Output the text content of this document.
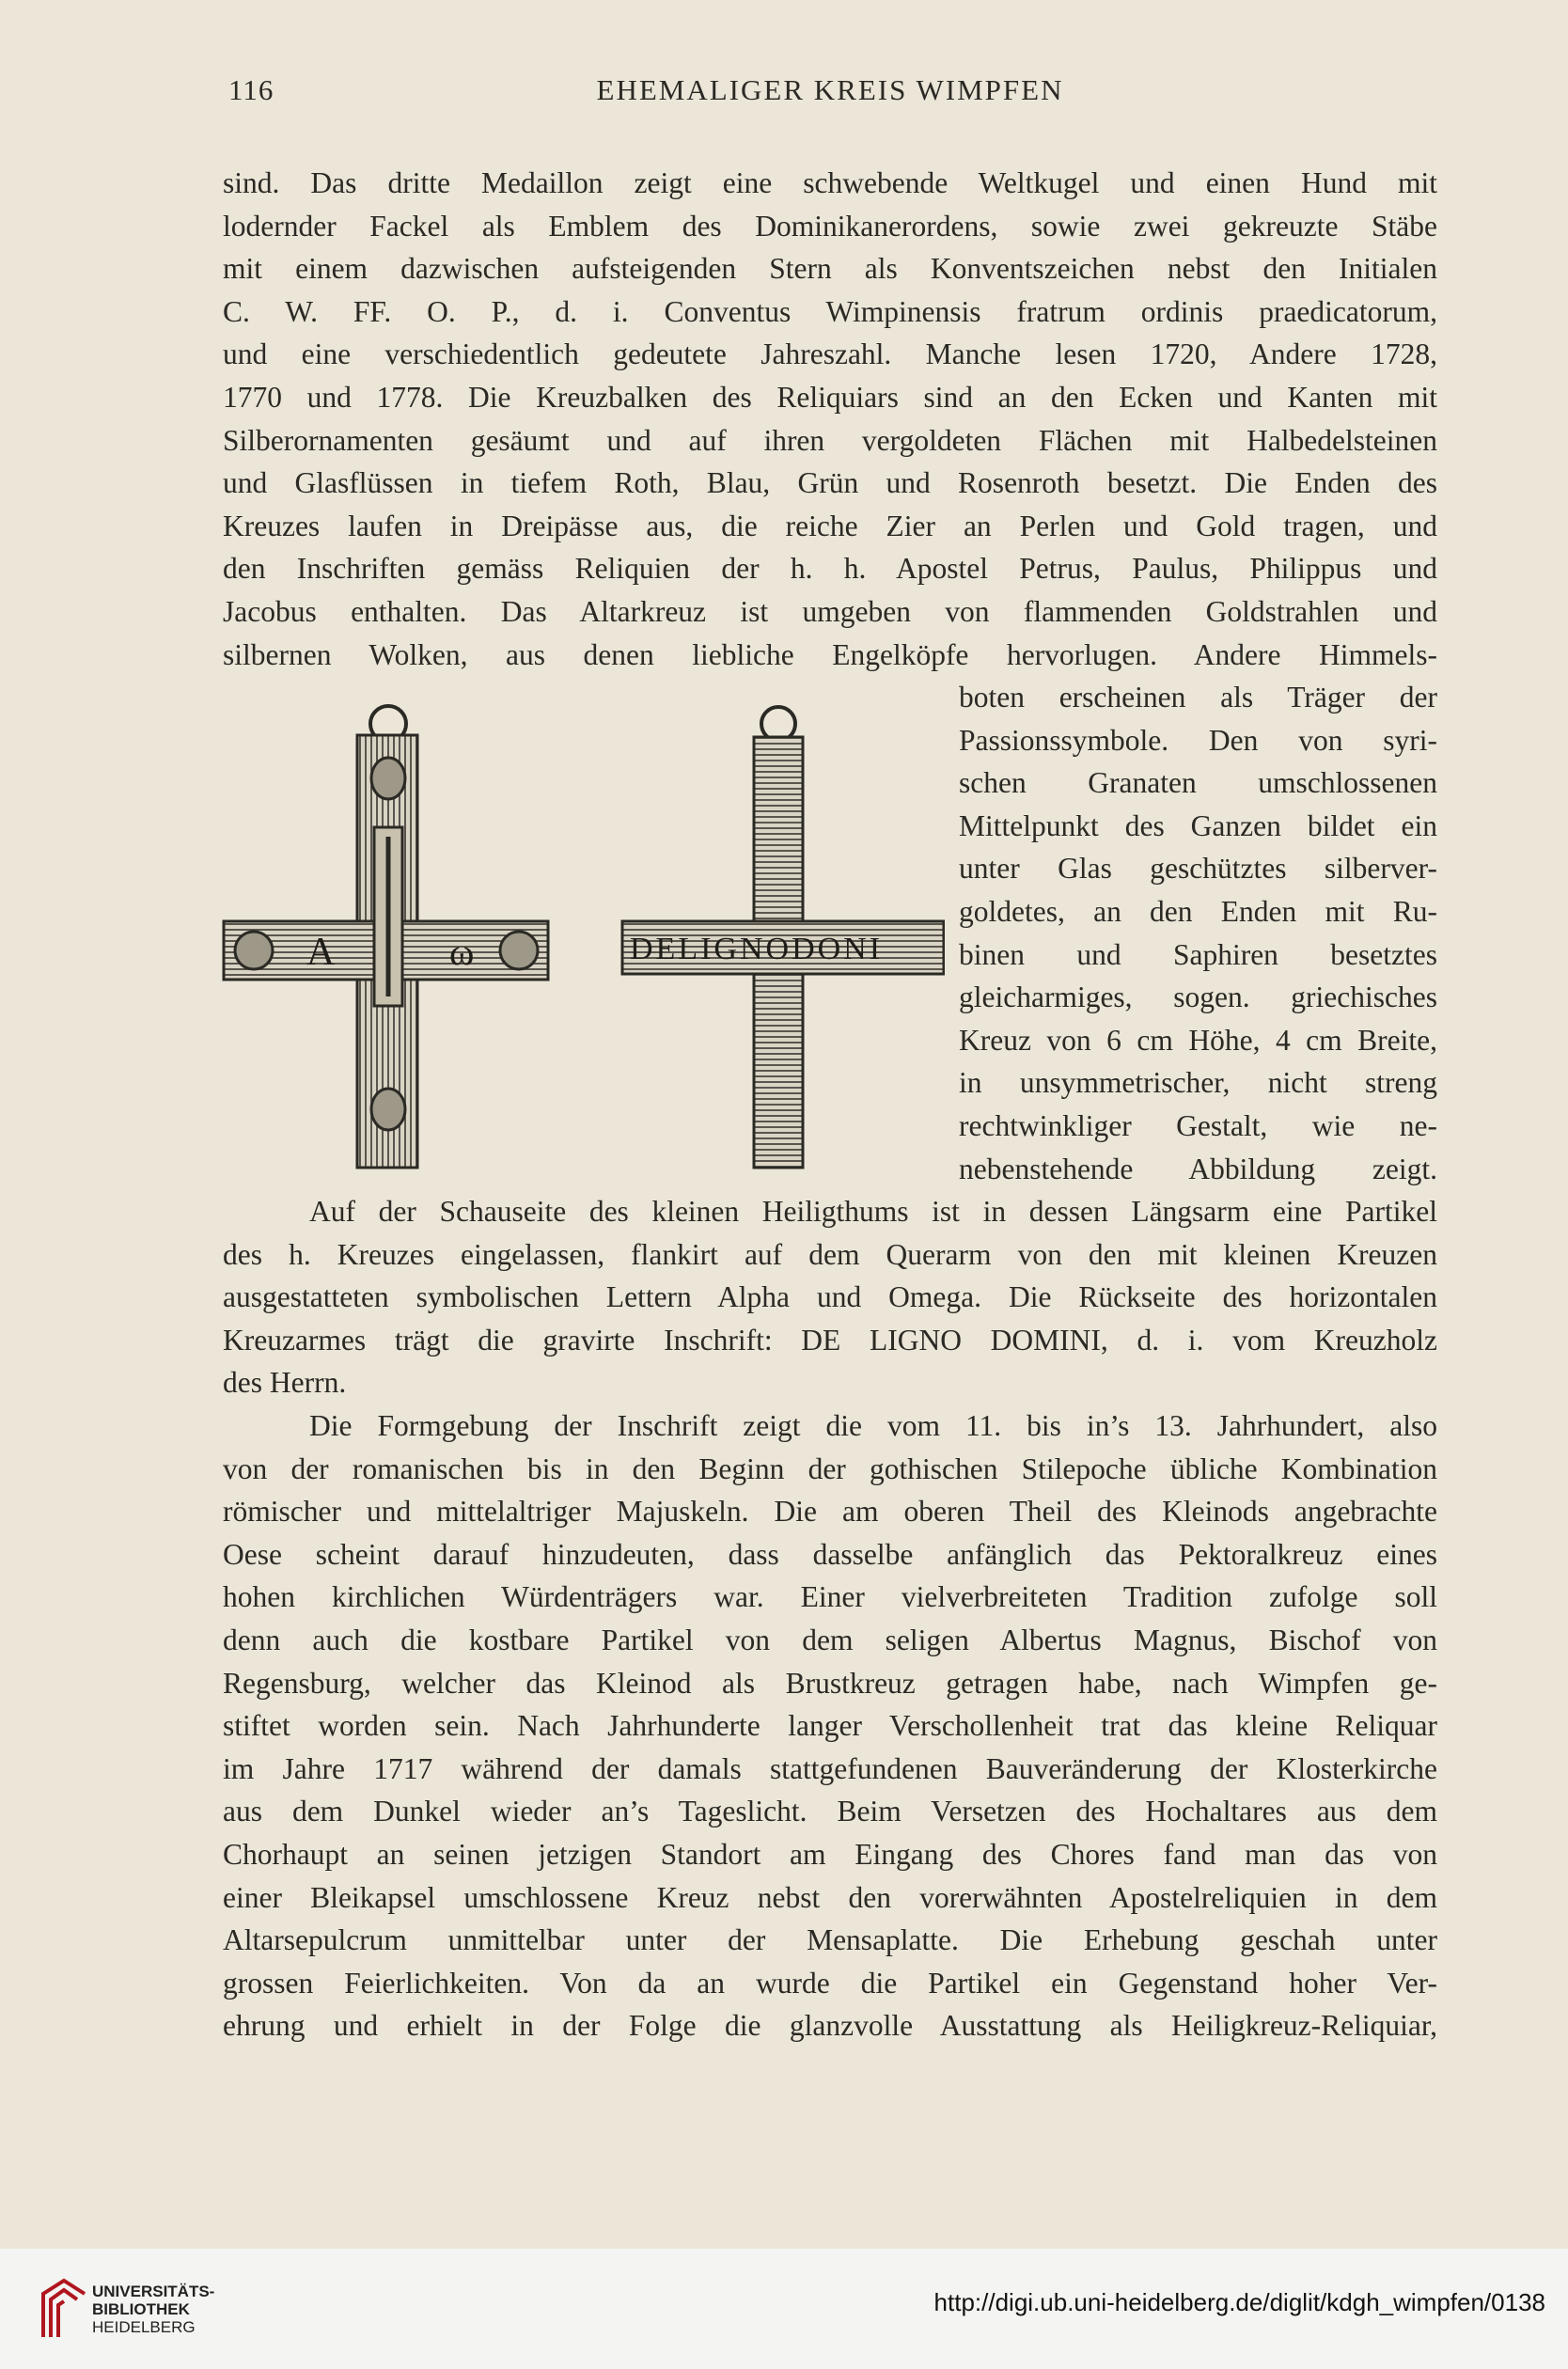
116	EHEMALIGER KREIS WIMPFEN
sind. Das dritte Medaillon zeigt eine schwebende Weltkugel und einen Hund mit
lodernder Fackel als Emblem des Dominikanerordens, sowie zwei gekreuzte Stäbe
mit einem dazwischen aufsteigenden Stern als Konventszeichen nebst den Initialen
C. W. FF. O. P., d. i. Conventus Wimpinensis fratrum ordinis praedicatorum,
und eine verschiedentlich gedeutete Jahreszahl. Manche lesen 1720, Andere 1728,
1770 und 1778. Die Kreuzbalken des Reliquiars sind an den Ecken und Kanten mit
Silberornamenten gesäumt und auf ihren vergoldeten Flächen mit Halbedelsteinen
und Glasflüssen in tiefem Roth, Blau, Grün und Rosenroth besetzt. Die Enden des
Kreuzes laufen in Dreipässe aus, die reiche Zier an Perlen und Gold tragen, und
den Inschriften gemäss Reliquien der h. h. Apostel Petrus, Paulus, Philippus und
Jacobus enthalten. Das Altarkreuz ist umgeben von flammenden Goldstrahlen und
silbernen Wolken, aus denen liebliche Engelköpfe hervorlugen. Andere Himmels-
A	ω	DELIGNODONI
boten erscheinen als Träger der
Passionssymbole. Den von syri-
schen Granaten umschlossenen
Mittelpunkt des Ganzen bildet ein
unter Glas geschütztes silberver-
goldetes, an den Enden mit Ru-
binen und Saphiren besetztes
gleicharmiges, sogen. griechisches
Kreuz von 6 cm Höhe, 4 cm Breite,
in unsymmetrischer, nicht streng
rechtwinkliger Gestalt, wie ne-
nebenstehende Abbildung zeigt.
Auf der Schauseite des kleinen Heiligthums ist in dessen Längsarm eine Partikel
des h. Kreuzes eingelassen, flankirt auf dem Querarm von den mit kleinen Kreuzen
ausgestatteten symbolischen Lettern Alpha und Omega. Die Rückseite des horizontalen
Kreuzarmes trägt die gravirte Inschrift: DE LIGNO DOMINI, d. i. vom Kreuzholz
des Herrn.
Die Formgebung der Inschrift zeigt die vom 11. bis in’s 13. Jahrhundert, also
von der romanischen bis in den Beginn der gothischen Stilepoche übliche Kombination
römischer und mittelaltriger Majuskeln. Die am oberen Theil des Kleinods angebrachte
Oese scheint darauf hinzudeuten, dass dasselbe anfänglich das Pektoralkreuz eines
hohen kirchlichen Würdenträgers war. Einer vielverbreiteten Tradition zufolge soll
denn auch die kostbare Partikel von dem seligen Albertus Magnus, Bischof von
Regensburg, welcher das Kleinod als Brustkreuz getragen habe, nach Wimpfen ge-
stiftet worden sein. Nach Jahrhunderte langer Verschollenheit trat das kleine Reliquar
im Jahre 1717 während der damals stattgefundenen Bauveränderung der Klosterkirche
aus dem Dunkel wieder an’s Tageslicht. Beim Versetzen des Hochaltares aus dem
Chorhaupt an seinen jetzigen Standort am Eingang des Chores fand man das von
einer Bleikapsel umschlossene Kreuz nebst den vorerwähnten Apostelreliquien in dem
Altarsepulcrum unmittelbar unter der Mensaplatte. Die Erhebung geschah unter
grossen Feierlichkeiten. Von da an wurde die Partikel ein Gegenstand hoher Ver-
ehrung und erhielt in der Folge die glanzvolle Ausstattung als Heiligkreuz-Reliquiar,
UNIVERSITÄTS-
BIBLIOTHEK
HEIDELBERG
http://digi.ub.uni-heidelberg.de/diglit/kdgh_wimpfen/0138
